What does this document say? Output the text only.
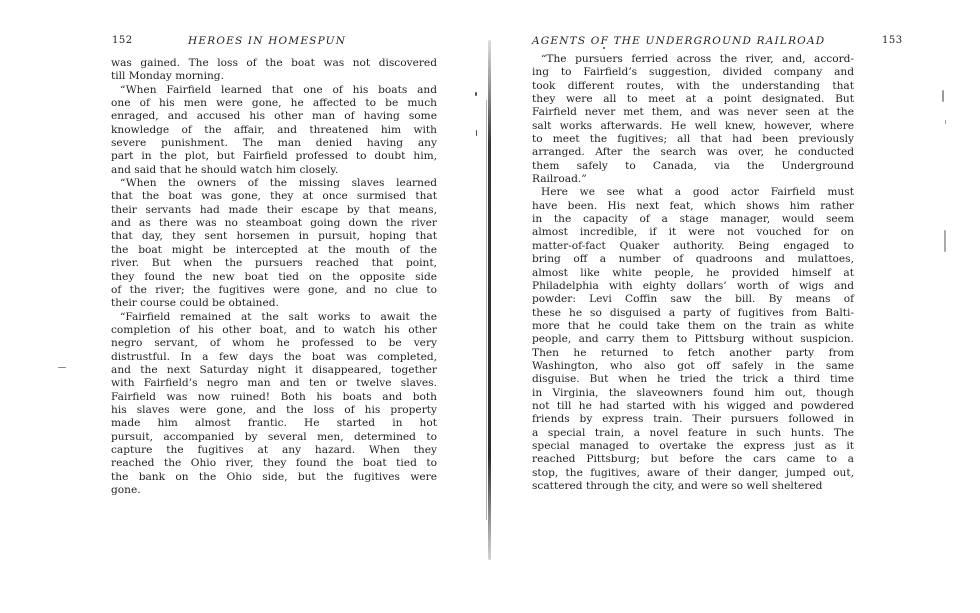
152	HEROES IN HOMESPUN
was gained. The loss of the boat was not discovered
till Monday morning.
“When Fairfield learned that one of his boats and
one of his men were gone, he affected to be much
enraged, and accused his other man of having some
knowledge of the affair, and threatened him with
severe punishment. The man denied having any
part in the plot, but Fairfield professed to doubt him,
and said that he should watch him closely.
“When the owners of the missing slaves learned
that the boat was gone, they at once surmised that
their servants had made their escape by that means,
and as there was no steamboat going down the river
that day, they sent horsemen in pursuit, hoping that
the boat might be intercepted at the mouth of the
river. But when the pursuers reached that point,
they found the new boat tied on the opposite side
of the river; the fugitives were gone, and no clue to
their course could be obtained.
“Fairfield remained at the salt works to await the
completion of his other boat, and to watch his other
negro servant, of whom he professed to be very
distrustful. In a few days the boat was completed,
and the next Saturday night it disappeared, together
with Fairfield’s negro man and ten or twelve slaves.
Fairfield was now ruined! Both his boats and both
his slaves were gone, and the loss of his property
made him almost frantic. He started in hot
pursuit, accompanied by several men, determined to
capture the fugitives at any hazard. When they
reached the Ohio river, they found the boat tied to
the bank on the Ohio side, but the fugitives were
gone.
AGENTS OF THE UNDERGROUND RAILROAD	153
“The pursuers ferried across the river, and, accord-
ing to Fairfield’s suggestion, divided company and
took different routes, with the understanding that
they were all to meet at a point designated. But
Fairfield never met them, and was never seen at the
salt works afterwards. He well knew, however, where
to meet the fugitives; all that had been previously
arranged. After the search was over, he conducted
them safely to Canada, via the Underground
Railroad.”
Here we see what a good actor Fairfield must
have been. His next feat, which shows him rather
in the capacity of a stage manager, would seem
almost incredible, if it were not vouched for on
matter-of-fact Quaker authority. Being engaged to
bring off a number of quadroons and mulattoes,
almost like white people, he provided himself at
Philadelphia with eighty dollars’ worth of wigs and
powder: Levi Coffin saw the bill. By means of
these he so disguised a party of fugitives from Balti-
more that he could take them on the train as white
people, and carry them to Pittsburg without suspicion.
Then he returned to fetch another party from
Washington, who also got off safely in the same
disguise. But when he tried the trick a third time
in Virginia, the slaveowners found him out, though
not till he had started with his wigged and powdered
friends by express train. Their pursuers followed in
a special train, a novel feature in such hunts. The
special managed to overtake the express just as it
reached Pittsburg; but before the cars came to a
stop, the fugitives, aware of their danger, jumped out,
scattered through the city, and were so well sheltered
